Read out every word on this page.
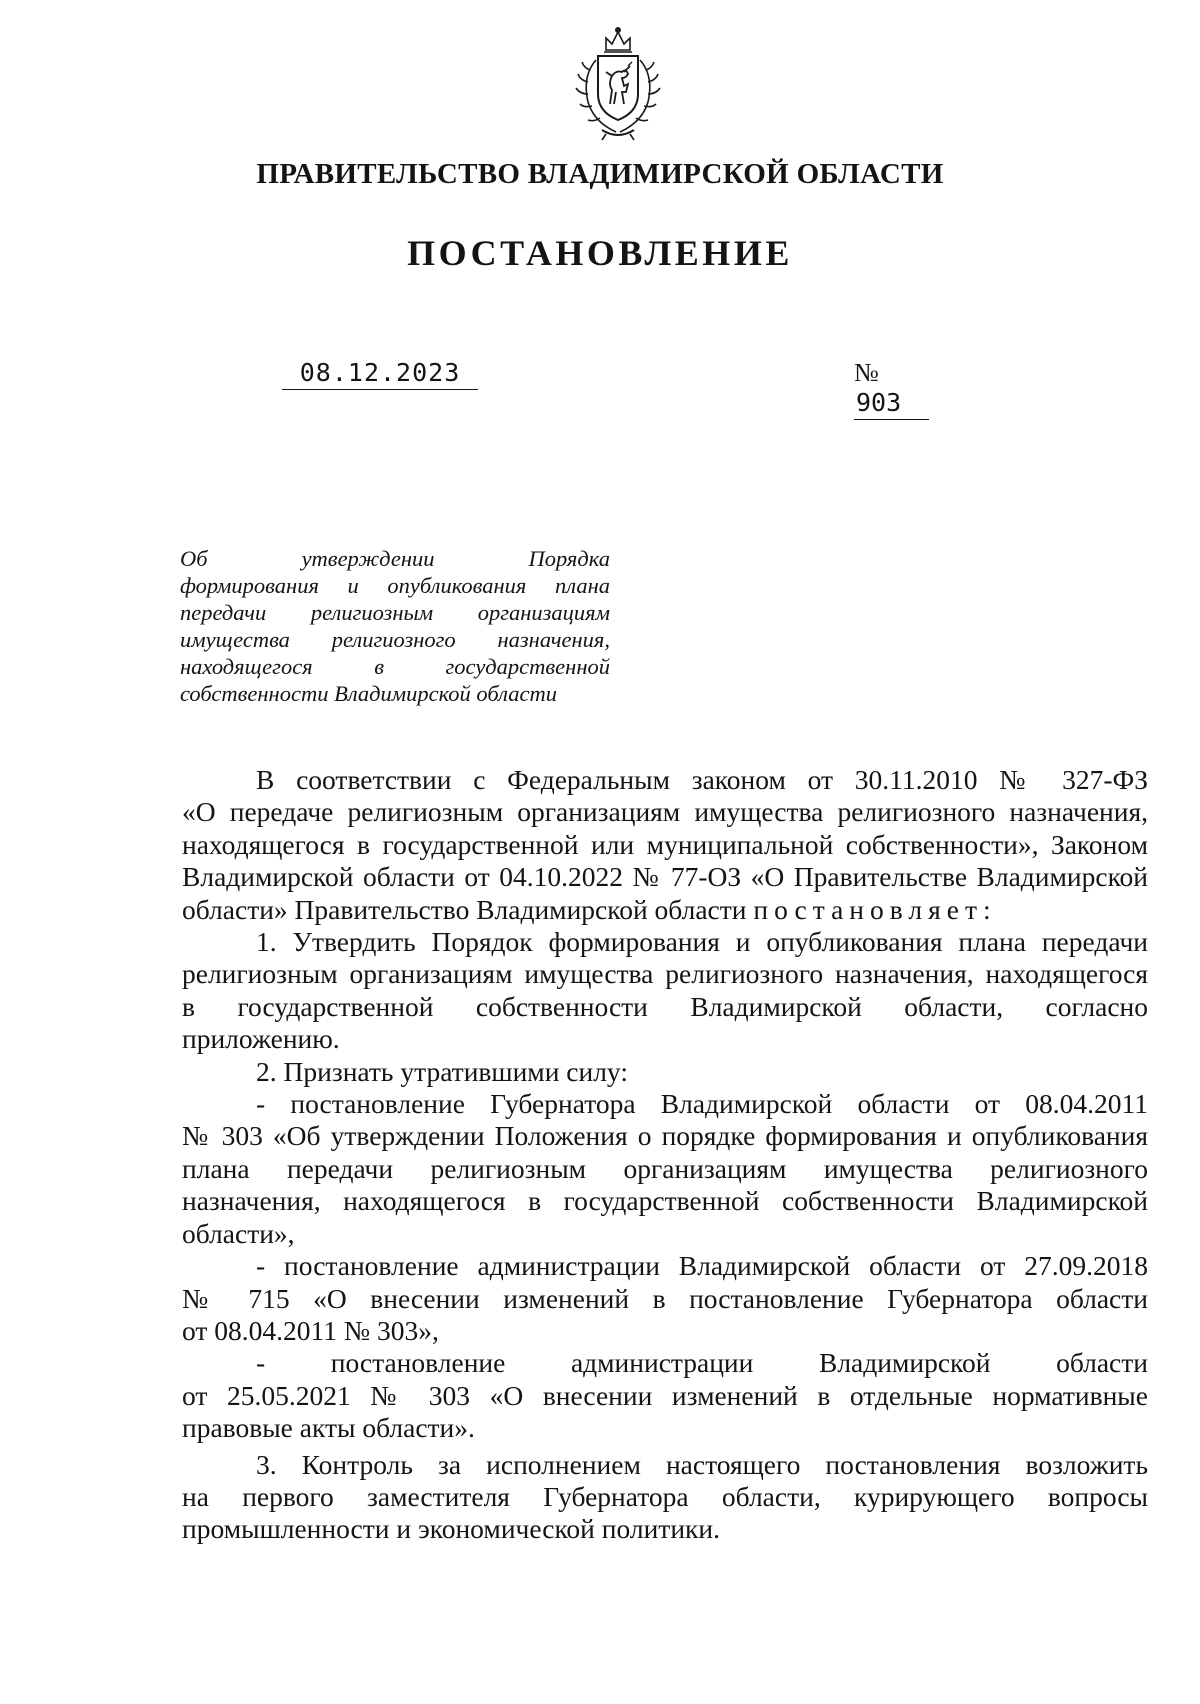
ПРАВИТЕЛЬСТВО ВЛАДИМИРСКОЙ ОБЛАСТИ
ПОСТАНОВЛЕНИЕ
08.12.2023	№ 903
Об утверждении Порядка
формирования и опубликования плана
передачи религиозным организациям
имущества религиозного назначения,
находящегося в государственной
собственности Владимирской области
В соответствии с Федеральным законом от 30.11.2010 № 327-ФЗ
«О передаче религиозным организациям имущества религиозного назначения,
находящегося в государственной или муниципальной собственности», Законом
Владимирской области от 04.10.2022 № 77-ОЗ «О Правительстве Владимирской
области» Правительство Владимирской области постановляет:
1. Утвердить Порядок формирования и опубликования плана передачи
религиозным организациям имущества религиозного назначения, находящегося
в государственной собственности Владимирской области, согласно
приложению.
2. Признать утратившими силу:
- постановление Губернатора Владимирской области от 08.04.2011
№ 303 «Об утверждении Положения о порядке формирования и опубликования
плана передачи религиозным организациям имущества религиозного
назначения, находящегося в государственной собственности Владимирской
области»,
- постановление администрации Владимирской области от 27.09.2018
№ 715 «О внесении изменений в постановление Губернатора области
от 08.04.2011 № 303»,
- постановление администрации Владимирской области
от 25.05.2021 № 303 «О внесении изменений в отдельные нормативные
правовые акты области».
3. Контроль за исполнением настоящего постановления возложить
на первого заместителя Губернатора области, курирующего вопросы
промышленности и экономической политики.
